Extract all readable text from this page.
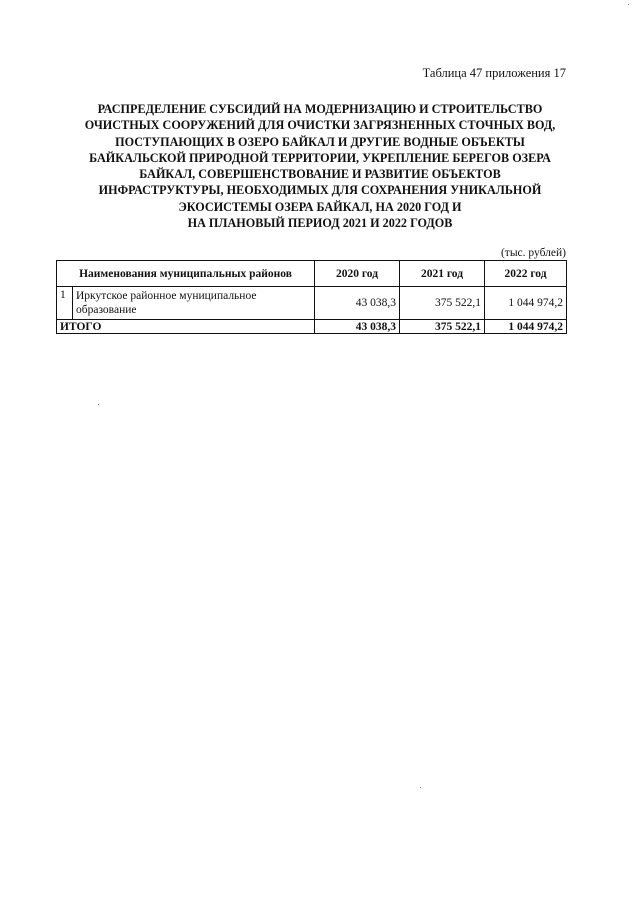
Таблица 47 приложения 17
РАСПРЕДЕЛЕНИЕ СУБСИДИЙ НА МОДЕРНИЗАЦИЮ И СТРОИТЕЛЬСТВО
ОЧИСТНЫХ СООРУЖЕНИЙ ДЛЯ ОЧИСТКИ ЗАГРЯЗНЕННЫХ СТОЧНЫХ ВОД,
ПОСТУПАЮЩИХ В ОЗЕРО БАЙКАЛ И ДРУГИЕ ВОДНЫЕ ОБЪЕКТЫ
БАЙКАЛЬСКОЙ ПРИРОДНОЙ ТЕРРИТОРИИ, УКРЕПЛЕНИЕ БЕРЕГОВ ОЗЕРА
БАЙКАЛ, СОВЕРШЕНСТВОВАНИЕ И РАЗВИТИЕ ОБЪЕКТОВ
ИНФРАСТРУКТУРЫ, НЕОБХОДИМЫХ ДЛЯ СОХРАНЕНИЯ УНИКАЛЬНОЙ
ЭКОСИСТЕМЫ ОЗЕРА БАЙКАЛ, НА 2020 ГОД И
НА ПЛАНОВЫЙ ПЕРИОД 2021 И 2022 ГОДОВ
(тыс. рублей)
Наименования муниципальных районов		2020 год	2021 год	2022 год
1	Иркутское районное муниципальное образование	43 038,3	375 522,1	1 044 974,2
ИТОГО		43 038,3	375 522,1	1 044 974,2
